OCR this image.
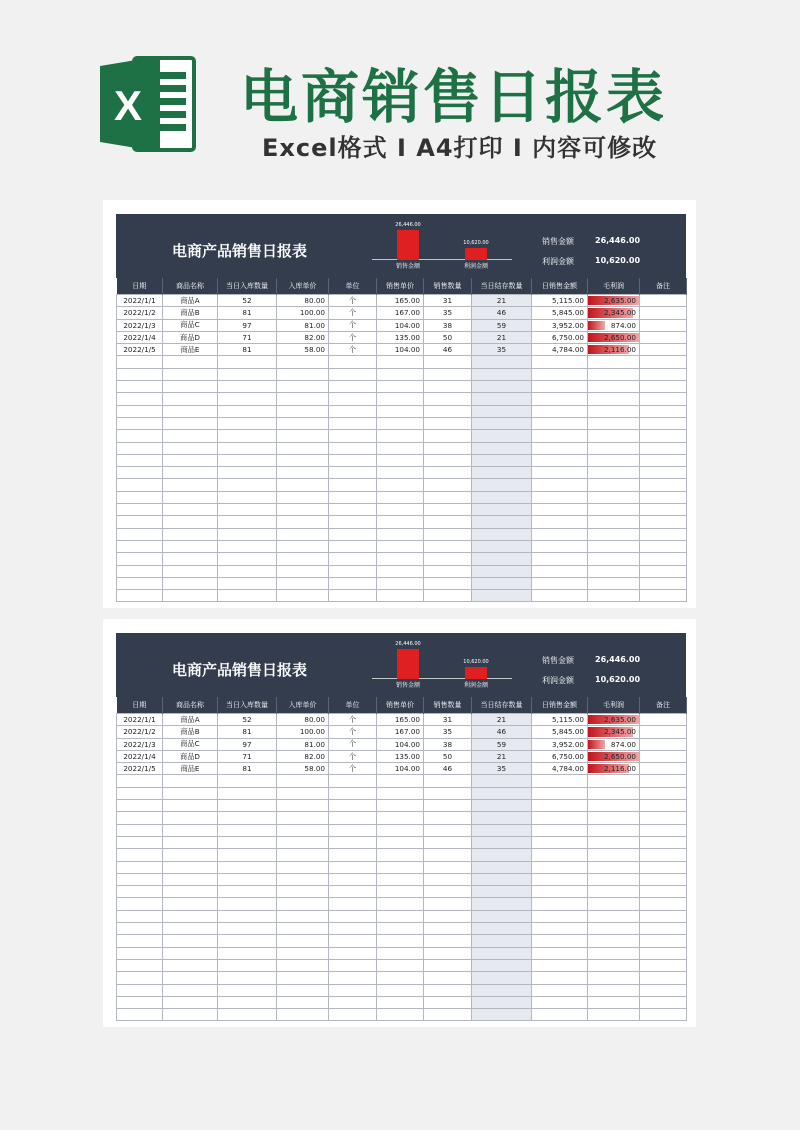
X 电商销售日报表
Excel格式 I A4打印 I 内容可修改
电商产品销售日报表
26,446.00
销售金额
10,620.00
利润金额
销售金额	26,446.00
利润金额	10,620.00
日期	商品名称	当日入库数量	入库单价	单位	销售单价	销售数量	当日结存数量	日销售金额	毛利润	备注
2022/1/1	商品A	52	80.00	个	165.00	31	21	5,115.00	2,635.00	
2022/1/2	商品B	81	100.00	个	167.00	35	46	5,845.00	2,345.00	
2022/1/3	商品C	97	81.00	个	104.00	38	59	3,952.00	874.00	
2022/1/4	商品D	71	82.00	个	135.00	50	21	6,750.00	2,650.00	
2022/1/5	商品E	81	58.00	个	104.00	46	35	4,784.00	2,116.00	

电商产品销售日报表
26,446.00
销售金额
10,620.00
利润金额
销售金额	26,446.00
利润金额	10,620.00
日期	商品名称	当日入库数量	入库单价	单位	销售单价	销售数量	当日结存数量	日销售金额	毛利润	备注
2022/1/1	商品A	52	80.00	个	165.00	31	21	5,115.00	2,635.00	
2022/1/2	商品B	81	100.00	个	167.00	35	46	5,845.00	2,345.00	
2022/1/3	商品C	97	81.00	个	104.00	38	59	3,952.00	874.00	
2022/1/4	商品D	71	82.00	个	135.00	50	21	6,750.00	2,650.00	
2022/1/5	商品E	81	58.00	个	104.00	46	35	4,784.00	2,116.00	
